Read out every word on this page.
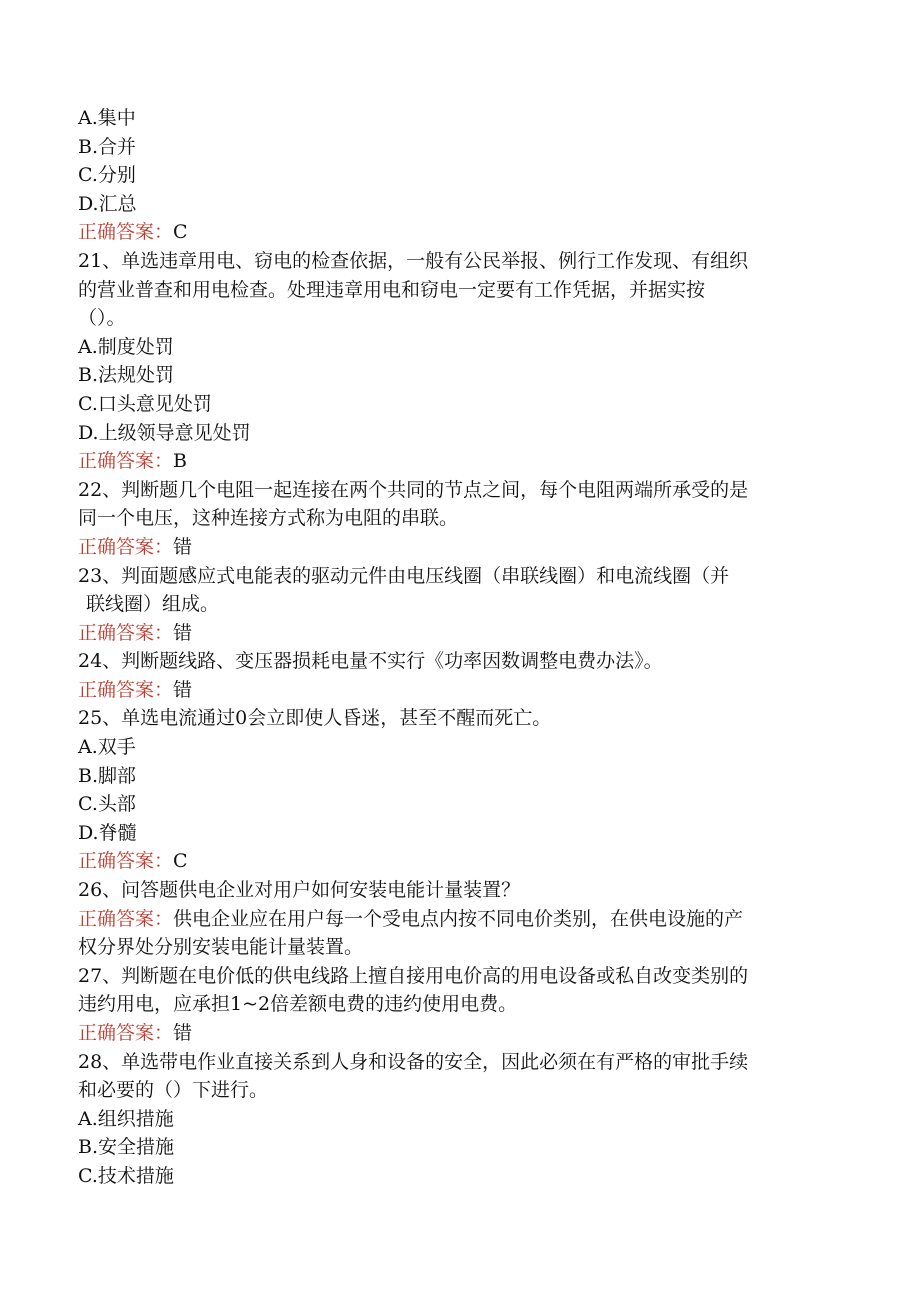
A.集中
B.合并
C.分别
D.汇总
正确答案：C
21、单选违章用电、窃电的检查依据，一般有公民举报、例行工作发现、有组织
的营业普查和用电检查。处理违章用电和窃电一定要有工作凭据，并据实按
（）。
A.制度处罚
B.法规处罚
C.口头意见处罚
D.上级领导意见处罚
正确答案：B
22、判断题几个电阻一起连接在两个共同的节点之间，每个电阻两端所承受的是
同一个电压，这种连接方式称为电阻的串联。
正确答案：错
23、判面题感应式电能表的驱动元件由电压线圈（串联线圈）和电流线圈（并
联线圈）组成。
正确答案：错
24、判断题线路、变压器损耗电量不实行《功率因数调整电费办法》。
正确答案：错
25、单选电流通过0会立即使人昏迷，甚至不醒而死亡。
A.双手
B.脚部
C.头部
D.脊髓
正确答案：C
26、问答题供电企业对用户如何安装电能计量装置？
正确答案：供电企业应在用户每一个受电点内按不同电价类别，在供电设施的产
权分界处分别安装电能计量装置。
27、判断题在电价低的供电线路上擅自接用电价高的用电设备或私自改变类别的
违约用电，应承担1~2倍差额电费的违约使用电费。
正确答案：错
28、单选带电作业直接关系到人身和设备的安全，因此必须在有严格的审批手续
和必要的（）下进行。
A.组织措施
B.安全措施
C.技术措施
